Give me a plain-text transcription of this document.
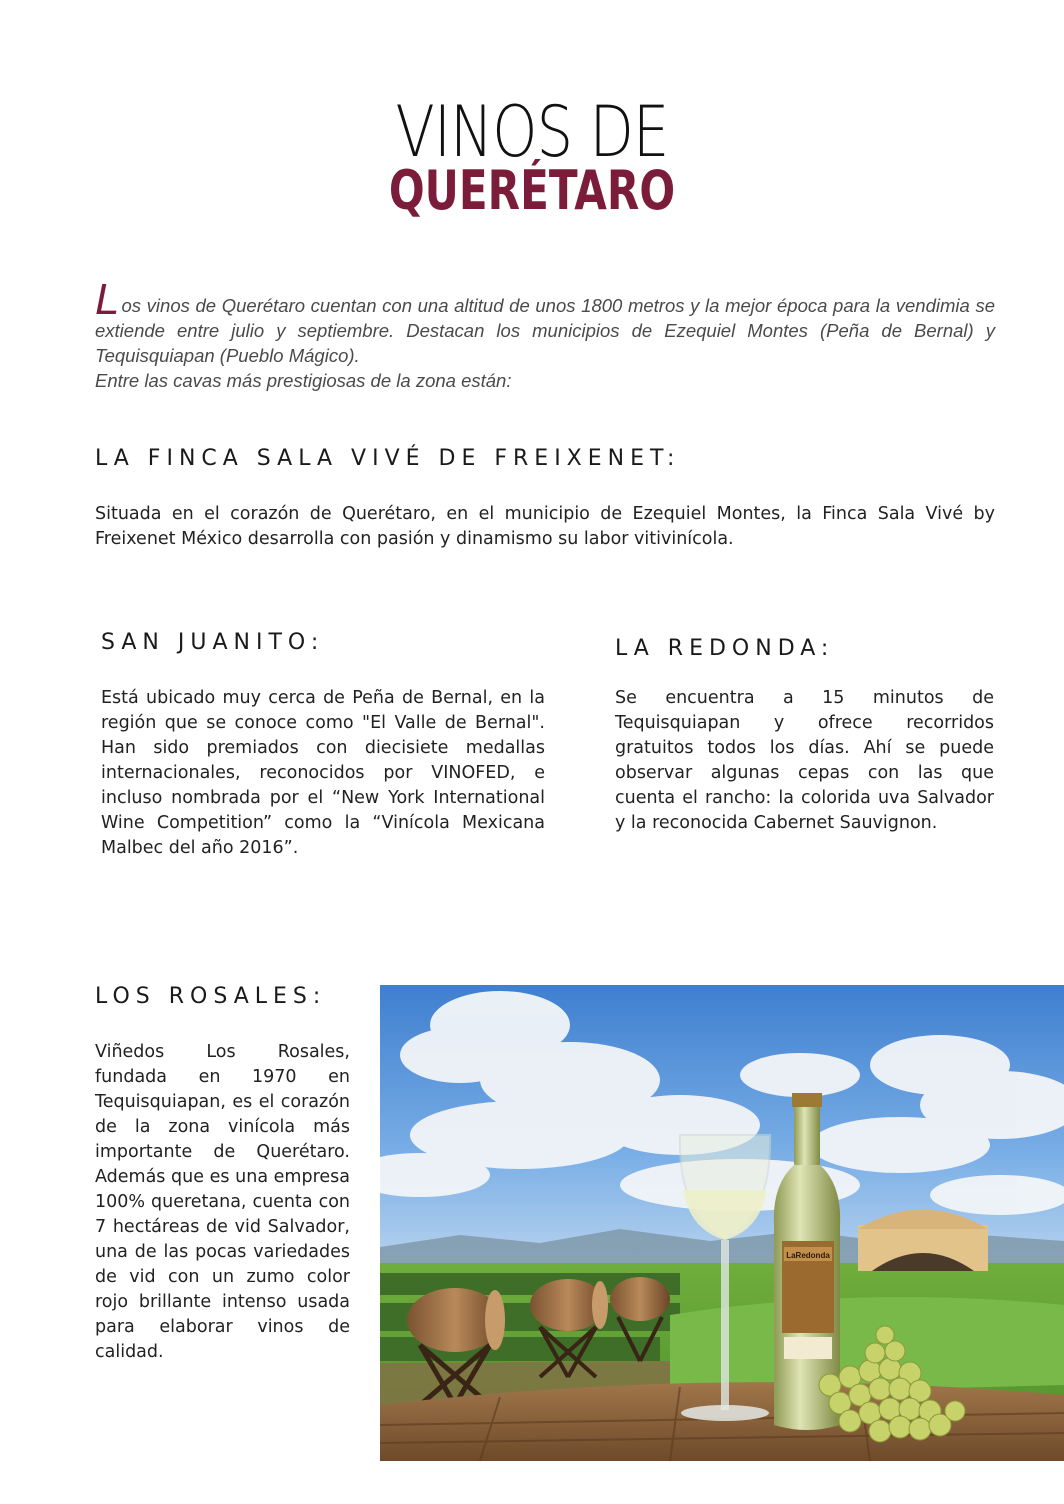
VINOS DE
QUERÉTARO
Los vinos de Querétaro cuentan con una altitud de unos 1800 metros y la mejor época para la vendimia se extiende entre julio y septiembre. Destacan los municipios de Ezequiel Montes (Peña de Bernal) y Tequisquiapan (Pueblo Mágico).
Entre las cavas más prestigiosas de la zona están:
LA FINCA SALA VIVÉ DE FREIXENET:
Situada en el corazón de Querétaro, en el municipio de Ezequiel Montes, la Finca Sala Vivé by Freixenet México desarrolla con pasión y dinamismo su labor vitivinícola.
SAN JUANITO:
Está ubicado muy cerca de Peña de Bernal, en la región que se conoce como "El Valle de Bernal". Han sido premiados con diecisiete medallas internacionales, reconocidos por VINOFED, e incluso nombrada por el “New York International Wine Competition” como la “Vinícola Mexicana Malbec del año 2016”.
LA REDONDA:
Se encuentra a 15 minutos de Tequisquiapan y ofrece recorridos gratuitos todos los días. Ahí se puede observar algunas cepas con las que cuenta el rancho: la colorida uva Salvador y la reconocida Cabernet Sauvignon.
LOS ROSALES:
Viñedos Los Rosales, fundada en 1970 en Tequisquiapan, es el corazón de la zona vinícola más importante de Querétaro. Además que es una empresa 100% queretana, cuenta con 7 hectáreas de vid Salvador, una de las pocas variedades de vid con un zumo color rojo brillante intenso usada para elaborar vinos de calidad.
LaRedonda
